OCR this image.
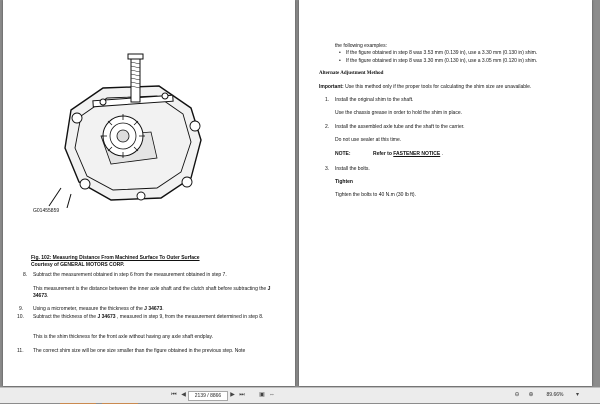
G01455859
Fig. 102: Measuring Distance From Machined Surface To Outer Surface
Courtesy of GENERAL MOTORS CORP.
8. Subtract the measurement obtained in step 6 from the measurement obtained in step 7.
This measurement is the distance between the inner axle shaft and the clutch shaft before subtracting the J 34673.
9. Using a micrometer, measure the thickness of the J 34673.
10. Subtract the thickness of the J 34673 , measured in step 9, from the measurement determined in step 8.
This is the shim thickness for the front axle without having any axle shaft endplay.
11. The correct shim size will be one size smaller than the figure obtained in the previous step. Note
the following examples:
• If the figure obtained in step 8 was 3.53 mm (0.139 in), use a 3.30 mm (0.130 in) shim.
• If the figure obtained in step 8 was 3.30 mm (0.130 in), use a 3.05 mm (0.120 in) shim.
Alternate Adjustment Method
Important: Use this method only if the proper tools for calculating the shim size are unavailable.
1. Install the original shim to the shaft.
Use the chassis grease in order to hold the shim in place.
2. Install the assembled axle tube and the shaft to the carrier.
Do not use sealer at this time.
NOTE:	Refer to FASTENER NOTICE .
3. Install the bolts.
Tighten
Tighten the bolts to 40 N.m (30 lb ft).
⏮ ◀	2139 / 8866	▶ ⏭ ▣ ⇔	⊖ ⊕	89.66%	▾
